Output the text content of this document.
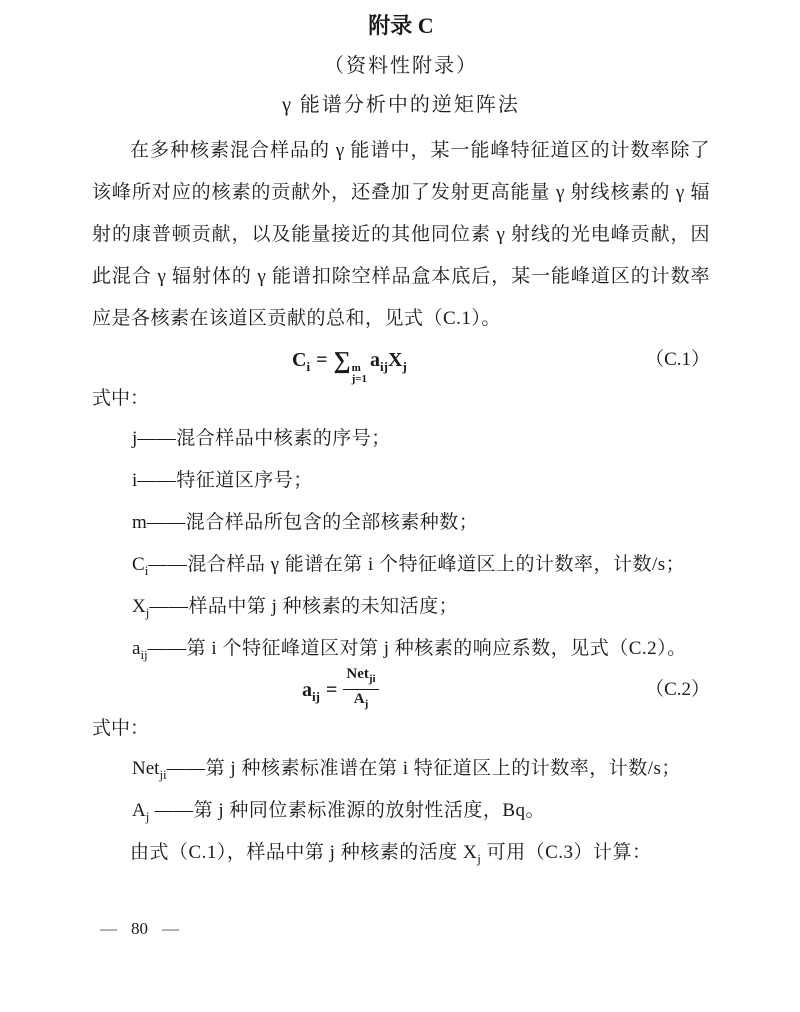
附录 C
（资料性附录）
γ 能谱分析中的逆矩阵法
在多种核素混合样品的 γ 能谱中，某一能峰特征道区的计数率除了
该峰所对应的核素的贡献外，还叠加了发射更高能量 γ 射线核素的 γ 辐
射的康普顿贡献，以及能量接近的其他同位素 γ 射线的光电峰贡献，因
此混合 γ 辐射体的 γ 能谱扣除空样品盒本底后，某一能峰道区的计数率
应是各核素在该道区贡献的总和，见式（C.1）。
$C_i$ = ∑ m
j=1
$a_{ij}X_j$	（C.1）
式中：
j——混合样品中核素的序号；
i——特征道区序号；
m——混合样品所包含的全部核素种数；
$C_i——$混合样品 γ 能谱在第 i 个特征峰道区上的计数率，计数/s；
$X_j——$样品中第 j 种核素的未知活度；
$a_{ij}——$第 i 个特征峰道区对第 j 种核素的响应系数，见式（C.2）。
$a_{ij} = \frac{Net_{ji}}{A_j}$	（C.2）
式中：
Net$_{ji}$——第 j 种核素标准谱在第 i 特征道区上的计数率，计数/s；
$A_j$ ——第 j 种同位素标准源的放射性活度，Bq。
由式（C.1），样品中第 j 种核素的活度 $X_j$ 可用（C.3）计算：
— 80 —
